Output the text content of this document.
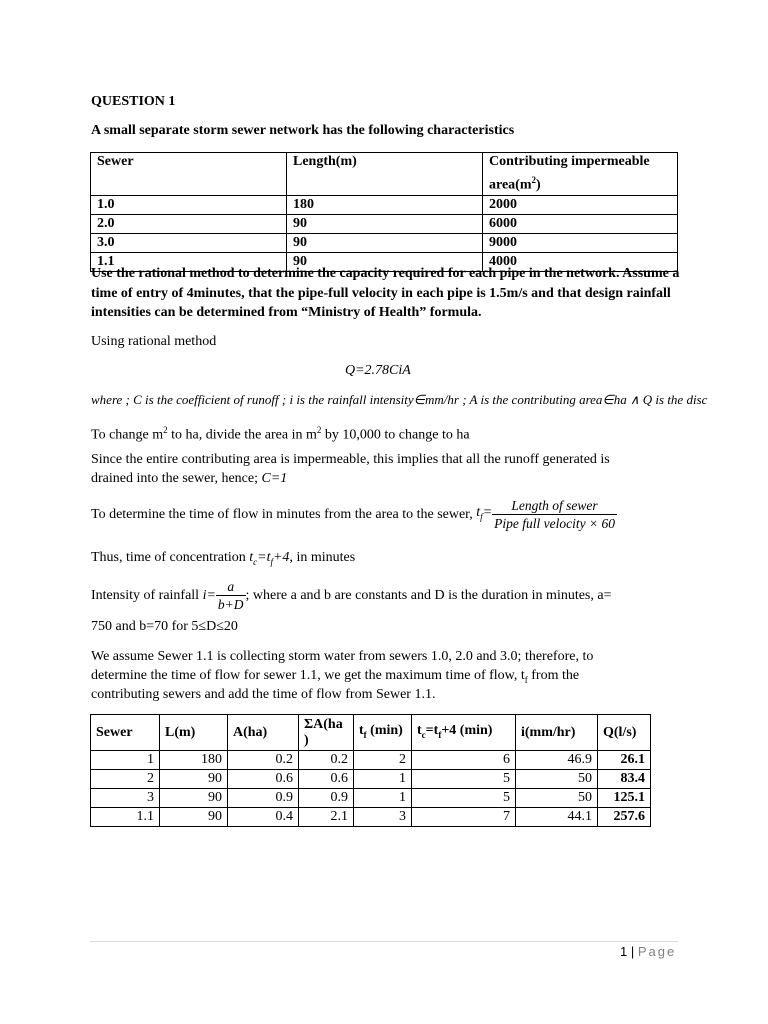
QUESTION 1
A small separate storm sewer network has the following characteristics
Sewer	Length(m)	Contributing impermeable $area(m^2)$
1.0	180	2000
2.0	90	6000
3.0	90	9000
1.1	90	4000
Use the rational method to determine the capacity required for each pipe in the network. Assume a time of entry of 4minutes, that the pipe-full velocity in each pipe is 1.5m/s and that design rainfall intensities can be determined from “Ministry of Health” formula.
Using rational method
Q=2.78CiA
where ; C is the coefficient of runoff ; i is the rainfall intensity∈mm/hr ; A is the contributing area∈ha ∧ Q is the disc
To change $m^2$ to ha, divide the area in $m^2$ by 10,000 to change to ha
Since the entire contributing area is impermeable, this implies that all the runoff generated is
drained into the sewer, hence; C=1
To determine the time of flow in minutes from the area to the sewer, $t_f= \frac{\text{Length of sewer}}{\text{Pipe full velocity × 60}}$
Thus, time of concentration $t_c=t_f+4$, in minutes
Intensity of rainfall $i= \frac{a}{b+D}$ ; where a and b are constants and D is the duration in minutes, a=
750 and b=70 for 5≤D≤20
We assume Sewer 1.1 is collecting storm water from sewers 1.0, 2.0 and 3.0; therefore, to
determine the time of flow for sewer 1.1, we get the maximum time of flow, $t_f$ from the
contributing sewers and add the time of flow from Sewer 1.1.
Sewer	L(m)	A(ha)	ΣA(ha )	$t_f$ (min)	$t_c=t_f+4$ (min)	i(mm/hr)	Q(l/s)
1	180	0.2	0.2	2	6	46.9	26.1
2	90	0.6	0.6	1	5	50	83.4
3	90	0.9	0.9	1	5	50	125.1
1.1	90	0.4	2.1	3	7	44.1	257.6
1 | Page
